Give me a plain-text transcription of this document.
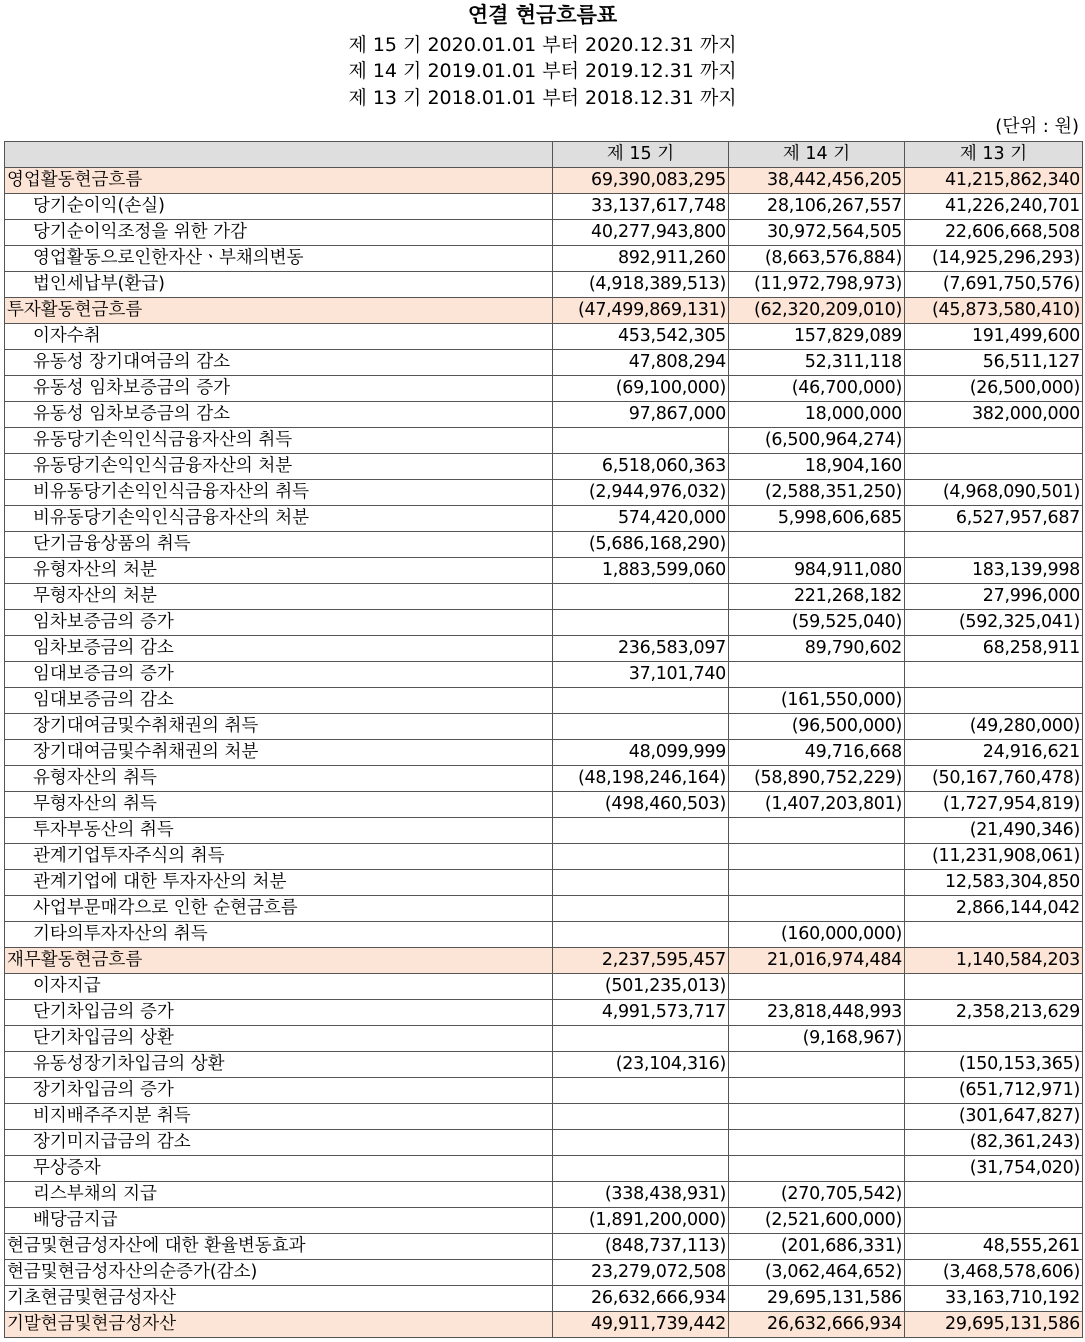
연결 현금흐름표
제 15 기 2020.01.01 부터 2020.12.31 까지
제 14 기 2019.01.01 부터 2019.12.31 까지
제 13 기 2018.01.01 부터 2018.12.31 까지
(단위 : 원)
	제 15 기	제 14 기	제 13 기
영업활동현금흐름	69,390,083,295	38,442,456,205	41,215,862,340
당기순이익(손실)	33,137,617,748	28,106,267,557	41,226,240,701
당기순이익조정을 위한 가감	40,277,943,800	30,972,564,505	22,606,668,508
영업활동으로인한자산ㆍ부채의변동	892,911,260	(8,663,576,884)	(14,925,296,293)
법인세납부(환급)	(4,918,389,513)	(11,972,798,973)	(7,691,750,576)
투자활동현금흐름	(47,499,869,131)	(62,320,209,010)	(45,873,580,410)
이자수취	453,542,305	157,829,089	191,499,600
유동성 장기대여금의 감소	47,808,294	52,311,118	56,511,127
유동성 임차보증금의 증가	(69,100,000)	(46,700,000)	(26,500,000)
유동성 임차보증금의 감소	97,867,000	18,000,000	382,000,000
유동당기손익인식금융자산의 취득		(6,500,964,274)	
유동당기손익인식금융자산의 처분	6,518,060,363	18,904,160	
비유동당기손익인식금융자산의 취득	(2,944,976,032)	(2,588,351,250)	(4,968,090,501)
비유동당기손익인식금융자산의 처분	574,420,000	5,998,606,685	6,527,957,687
단기금융상품의 취득	(5,686,168,290)		
유형자산의 처분	1,883,599,060	984,911,080	183,139,998
무형자산의 처분		221,268,182	27,996,000
임차보증금의 증가		(59,525,040)	(592,325,041)
임차보증금의 감소	236,583,097	89,790,602	68,258,911
임대보증금의 증가	37,101,740		
임대보증금의 감소		(161,550,000)	
장기대여금및수취채권의 취득		(96,500,000)	(49,280,000)
장기대여금및수취채권의 처분	48,099,999	49,716,668	24,916,621
유형자산의 취득	(48,198,246,164)	(58,890,752,229)	(50,167,760,478)
무형자산의 취득	(498,460,503)	(1,407,203,801)	(1,727,954,819)
투자부동산의 취득			(21,490,346)
관계기업투자주식의 취득			(11,231,908,061)
관계기업에 대한 투자자산의 처분			12,583,304,850
사업부문매각으로 인한 순현금흐름			2,866,144,042
기타의투자자산의 취득		(160,000,000)	
재무활동현금흐름	2,237,595,457	21,016,974,484	1,140,584,203
이자지급	(501,235,013)		
단기차입금의 증가	4,991,573,717	23,818,448,993	2,358,213,629
단기차입금의 상환		(9,168,967)	
유동성장기차입금의 상환	(23,104,316)		(150,153,365)
장기차입금의 증가			(651,712,971)
비지배주주지분 취득			(301,647,827)
장기미지급금의 감소			(82,361,243)
무상증자			(31,754,020)
리스부채의 지급	(338,438,931)	(270,705,542)	
배당금지급	(1,891,200,000)	(2,521,600,000)	
현금및현금성자산에 대한 환율변동효과	(848,737,113)	(201,686,331)	48,555,261
현금및현금성자산의순증가(감소)	23,279,072,508	(3,062,464,652)	(3,468,578,606)
기초현금및현금성자산	26,632,666,934	29,695,131,586	33,163,710,192
기말현금및현금성자산	49,911,739,442	26,632,666,934	29,695,131,586
